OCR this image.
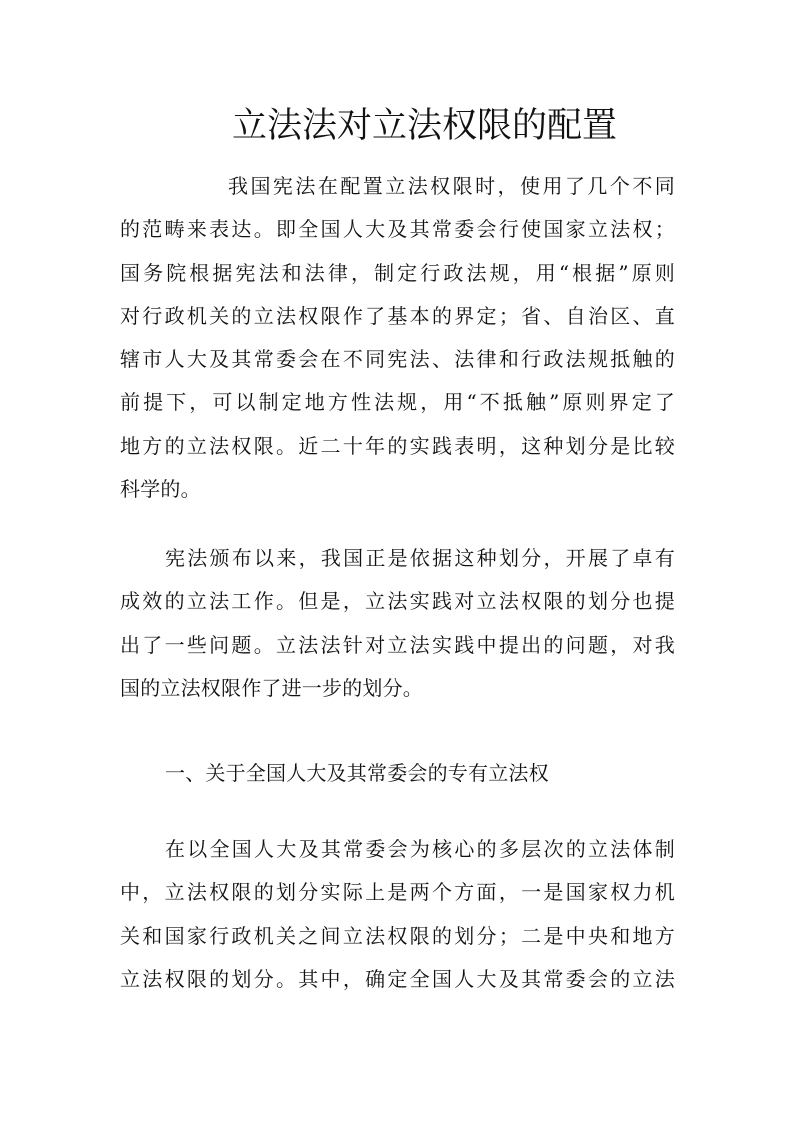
立法法对立法权限的配置
我国宪法在配置立法权限时，使用了几个不同
的范畴来表达。即全国人大及其常委会行使国家立法权；
国务院根据宪法和法律，制定行政法规，用“根据”原则
对行政机关的立法权限作了基本的界定；省、自治区、直
辖市人大及其常委会在不同宪法、法律和行政法规抵触的
前提下，可以制定地方性法规，用“不抵触”原则界定了
地方的立法权限。近二十年的实践表明，这种划分是比较
科学的。
宪法颁布以来，我国正是依据这种划分，开展了卓有
成效的立法工作。但是，立法实践对立法权限的划分也提
出了一些问题。立法法针对立法实践中提出的问题，对我
国的立法权限作了进一步的划分。
一、关于全国人大及其常委会的专有立法权
在以全国人大及其常委会为核心的多层次的立法体制
中，立法权限的划分实际上是两个方面，一是国家权力机
关和国家行政机关之间立法权限的划分；二是中央和地方
立法权限的划分。其中，确定全国人大及其常委会的立法
